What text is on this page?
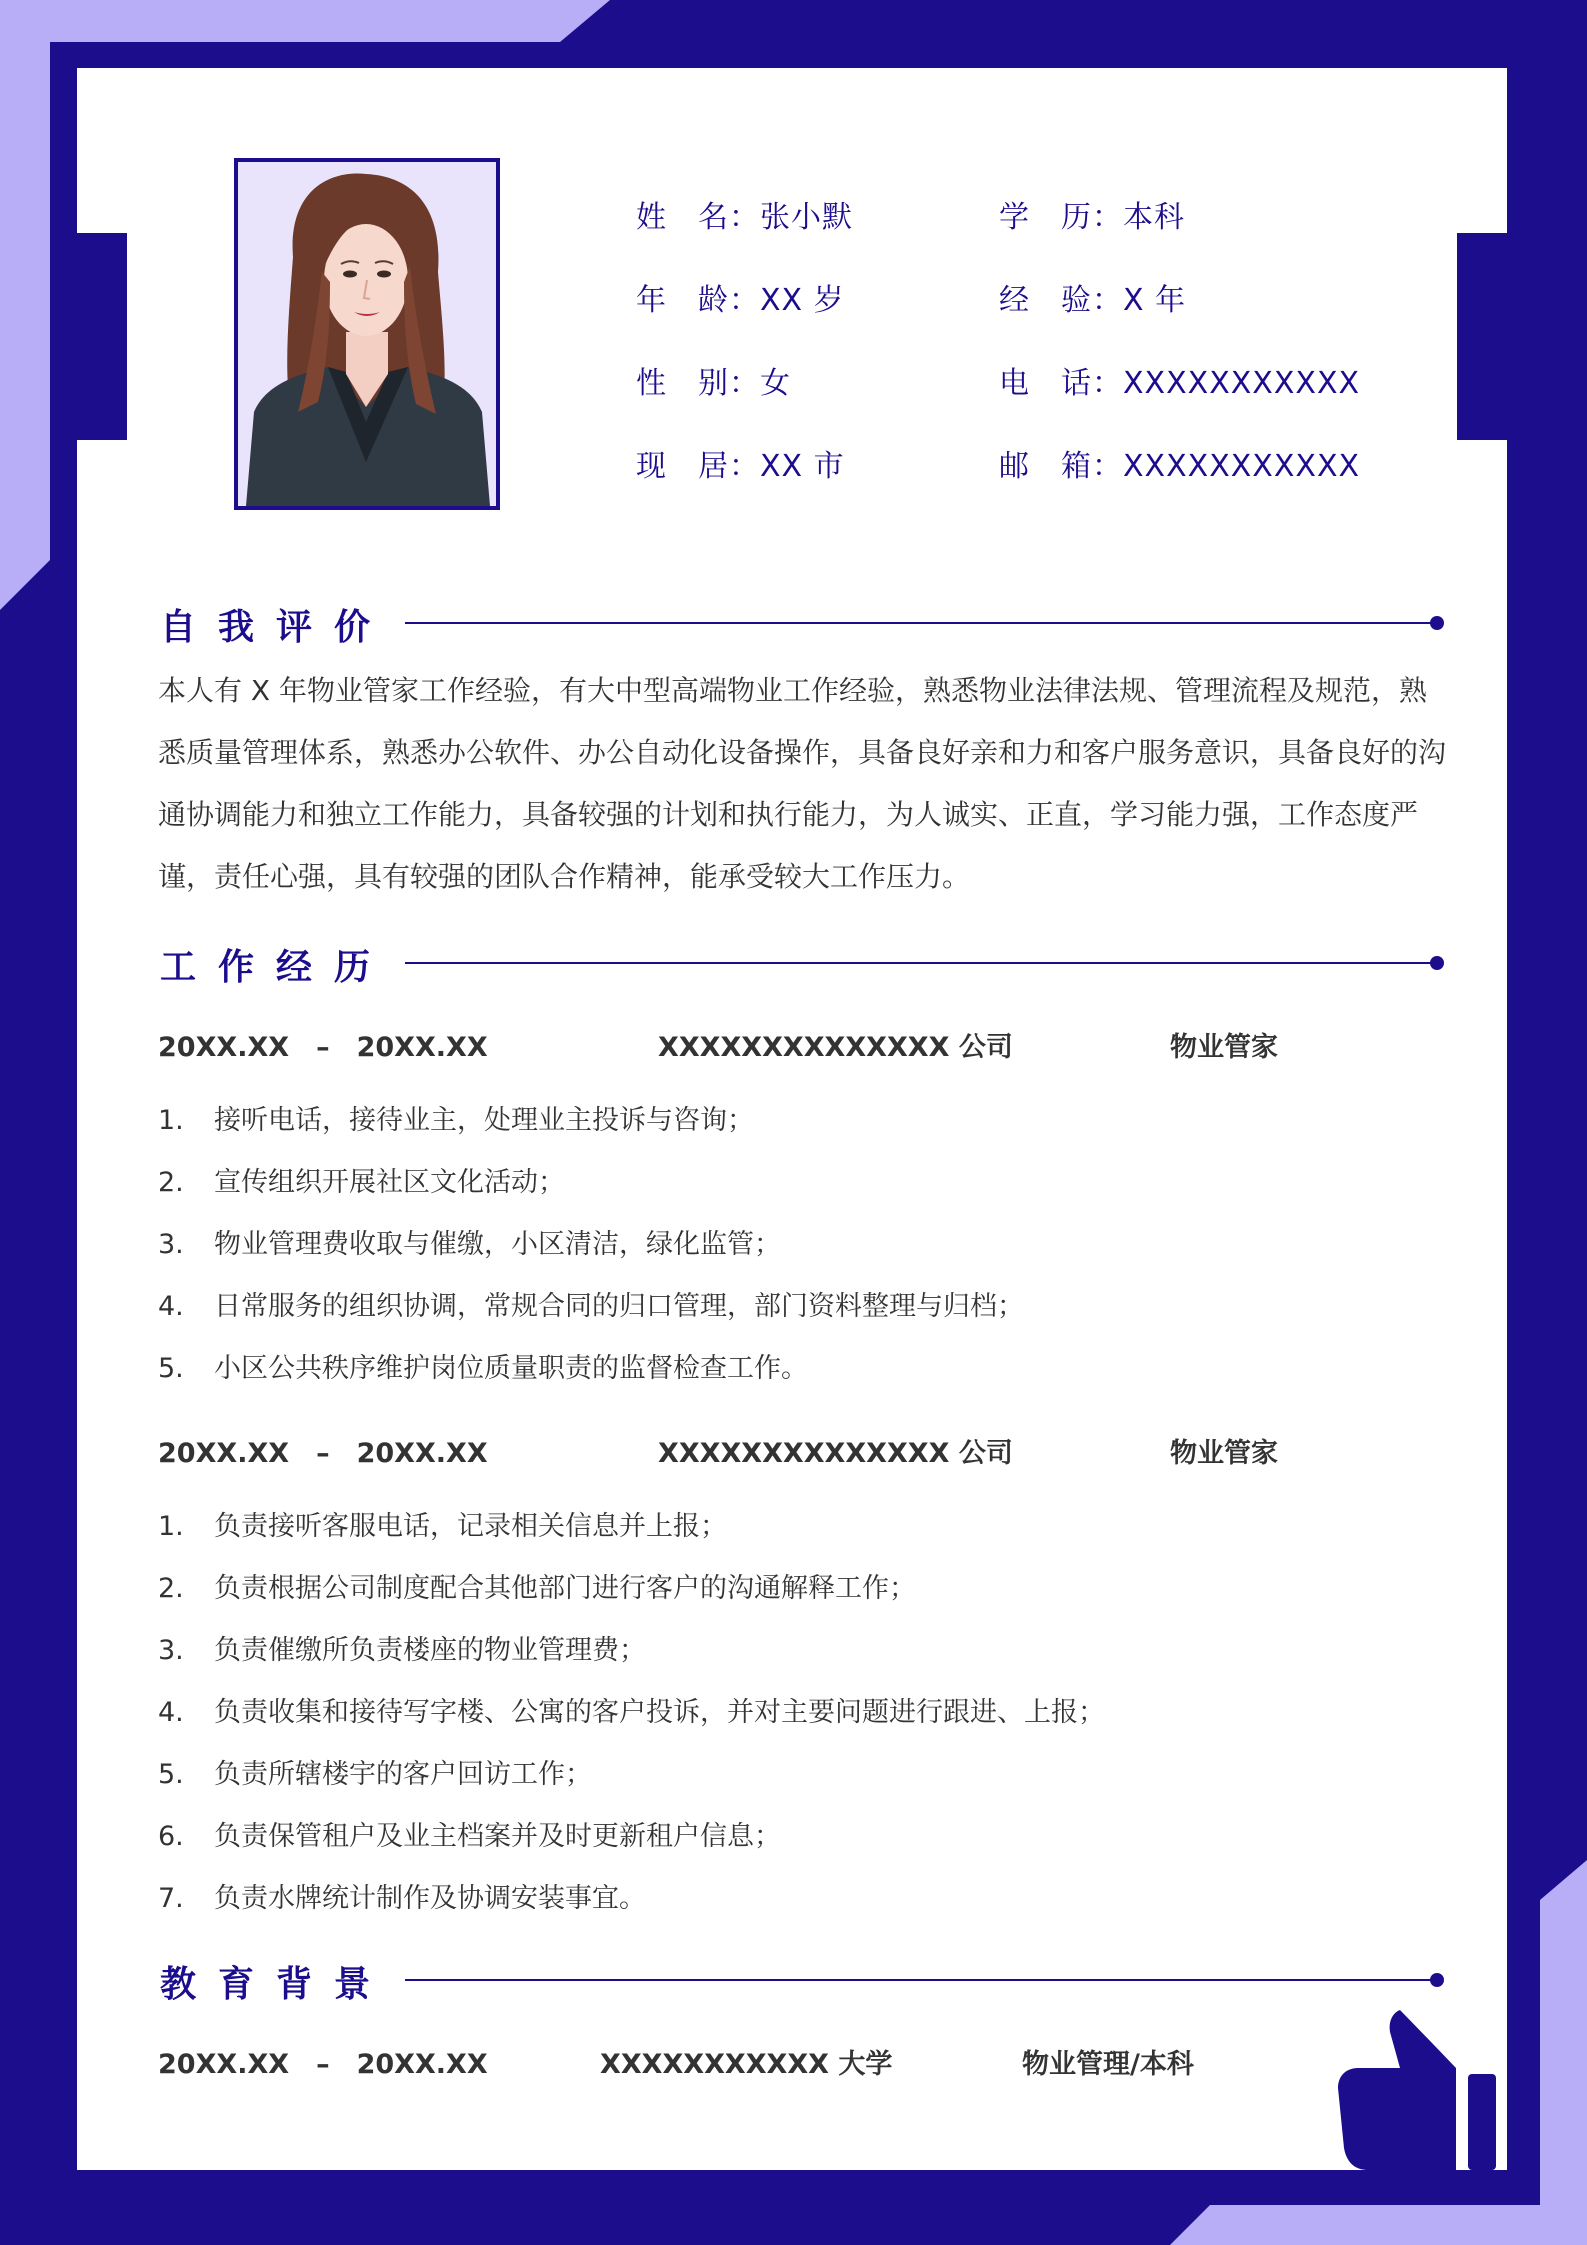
姓　名：张小默	学　历：本科
年　龄：XX 岁	经　验：X 年
性　别：女	电　话：XXXXXXXXXXX
现　居：XX 市	邮　箱：XXXXXXXXXXX
自我评价
本人有 X 年物业管家工作经验，有大中型高端物业工作经验，熟悉物业法律法规、管理流程及规范，熟悉质量管理体系，熟悉办公软件、办公自动化设备操作，具备良好亲和力和客户服务意识，具备良好的沟通协调能力和独立工作能力，具备较强的计划和执行能力，为人诚实、正直，学习能力强，工作态度严谨，责任心强，具有较强的团队合作精神，能承受较大工作压力。
工作经历
20XX.XX　–　20XX.XX	XXXXXXXXXXXXXX 公司	物业管家
1. 接听电话，接待业主，处理业主投诉与咨询；
2. 宣传组织开展社区文化活动；
3. 物业管理费收取与催缴，小区清洁，绿化监管；
4. 日常服务的组织协调，常规合同的归口管理，部门资料整理与归档；
5. 小区公共秩序维护岗位质量职责的监督检查工作。
20XX.XX　–　20XX.XX	XXXXXXXXXXXXXX 公司	物业管家
1. 负责接听客服电话，记录相关信息并上报；
2. 负责根据公司制度配合其他部门进行客户的沟通解释工作；
3. 负责催缴所负责楼座的物业管理费；
4. 负责收集和接待写字楼、公寓的客户投诉，并对主要问题进行跟进、上报；
5. 负责所辖楼宇的客户回访工作；
6. 负责保管租户及业主档案并及时更新租户信息；
7. 负责水牌统计制作及协调安装事宜。
教育背景
20XX.XX　–　20XX.XX	XXXXXXXXXXX 大学	物业管理/本科
